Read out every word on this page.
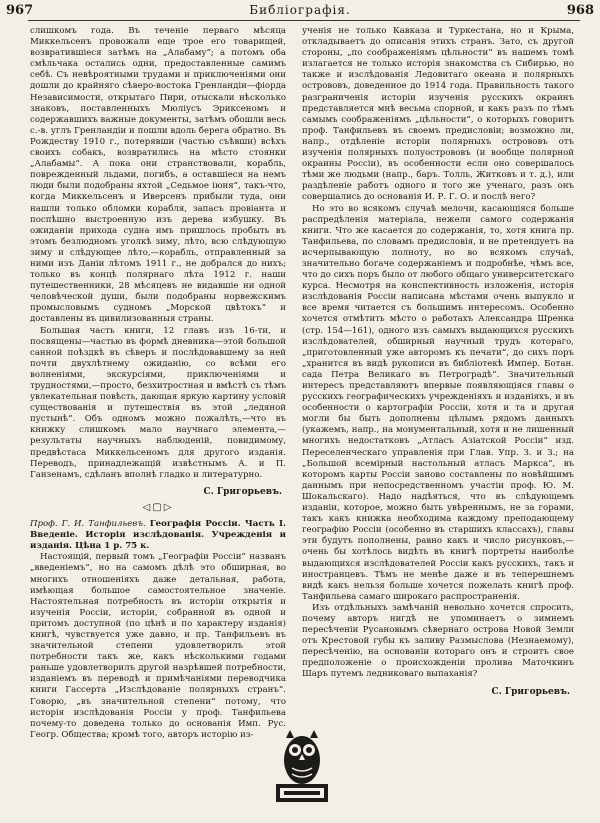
967	Библіографія.	968

слишкомъ года. Въ теченіе перваго мѣсяца Миккельсенъ провожали еще трое его товарищей, возвратившіеся затѣмъ на „Алабаму“; а потомъ оба смѣльчака остались одни, предоставленные самимъ себѣ. Съ невѣроятными трудами и приключеніями они дошли до крайняго сѣверо-востока Гренландіи—фіорда Независимости, открытаго Пири, отыскали нѣсколько знаковъ, поставленныхъ Мюлiусъ Эриксеномъ и содержавшихъ важные документы, затѣмъ обошли весь с.-в. углъ Гренландіи и пошли вдоль берега обратно. Въ Рождеству 1910 г., потерявши (частью съѣвши) всѣхъ своихъ собакъ, возвратились на мѣсто стоянки „Алабамы“. А пока они странствовали, корабль, поврежденный льдами, погибъ, а оставшіеся на немъ люди были подобраны яхтой „Седьмое іюня“, такъ-что, когда Миккельсенъ и Иверсенъ прибыли туда, они нашли только обломки корабля, запасъ провіанта и поспѣшно выстроенную изъ дерева избушку. Въ ожиданіи прихода судна имъ пришлось пробыть въ этомъ безлюдномъ уголкѣ зиму, лѣто, всю слѣдующую зиму и слѣдующее лѣто,—корабль, отправленный за ними изъ Даніи лѣтомъ 1911 г., не добрался до нихъ; только въ концѣ полярнаго лѣта 1912 г. наши путешественники, 28 мѣсяцевъ не видавшіе ни одной человѣческой души, были подобраны норвежскимъ промысловымъ судномъ „Морской цвѣтокъ“ и доставлены въ цивилизованныя страны.

Большая часть книги, 12 главъ изъ 16-ти, и посвящены—частью въ формѣ дневника—этой большой санной поѣздкѣ въ сѣверъ и послѣдовавшему за ней почти двухлѣтнему ожиданію, со всѣми его волненіями, экскурсіями, приключеніями и трудностями,—просто, безхитростная и вмѣстѣ съ тѣмъ увлекательная повѣсть, дающая яркую картину условій существованія и путешествія въ этой „ледяной пустынѣ“. Объ одномъ можно пожалѣть,—что въ книжку слишкомъ мало научнаго элемента,—результаты научныхъ наблюденій, повидимому, предвѣстаса Миккельсеномъ для другого изданія. Переводъ, принадлежащій извѣстнымъ А. и П. Ганзенамъ, сдѣланъ вполнѣ гладко и литературно.

С. Григорьевъ.
◁▢▷

Проф. Г. И. Танфильевъ. Географія Россіи. Часть I. Введеніе. Исторія изслѣдованія. Учрежденія и изданія. Цѣна 1 р. 75 к.

Настоящій, первый томъ „Географіи Россіи“ названъ „введеніемъ“, но на самомъ дѣлѣ это обширная, во многихъ отношеніяхъ даже детальная, работа, имѣющая большое самостоятельное значеніе. Настоятельная потребность въ исторіи открытія и изученія Россіи, исторіи, собранной въ одной и притомъ доступной (по цѣнѣ и по характеру изданія) книгѣ, чувствуется уже давно, и пр. Танфильевъ въ значительной степени удовлетворилъ этой потребности такъ же, какъ нѣсколькими годами раньше удовлетворилъ другой назрѣвшей потребности, изданіемъ въ переводѣ и примѣчаніями переводчика книги Гассерта „Изслѣдованіе полярныхъ странъ“. Говорю, „въ значительной степени“ потому, что исторія изслѣдованія Россіи у проф. Танфильева почему-то доведена только до основанія Имп. Рус. Геогр. Общества; кромѣ того, авторъ исторію из-

ученія не только Кавказа и Туркестана, но и Крыма, откладываетъ до описанія этихъ странъ. Зато, съ другой стороны, „по соображеніямъ цѣльности“ въ нашемъ томѣ излагается не только исторія знакомства съ Сибирью, но также и изслѣдованія Ледовитаго океана и полярныхъ острововъ, доведенное до 1914 года. Правильность такого разграниченія исторіи изученія русскихъ окраинъ представляется мнѣ весьма спорной, и какъ разъ по тѣмъ самымъ соображеніямъ „цѣльности“, о которыхъ говоритъ проф. Танфильевъ въ своемъ предисловіи; возможно ли, напр., отдѣленіе исторіи полярныхъ острововъ отъ изученія полярныхъ полуострововъ (и вообще полярной окраины Россіи), въ особенности если оно совершалось тѣми же людьми (напр., баръ. Толль, Житковъ и т. д.), или раздѣленіе работъ одного и того же ученаго, разъ онъ совершались до основанія И. Р. Г. О. и послѣ него?

Но это во всякомъ случаѣ мелочи, касающіяся больше распредѣленія матеріала, нежели самого содержанія книги. Что же касается до содержанія, то, хотя книга пр. Танфильева, по словамъ предисловія, и не претендуетъ на исчерпывающую полноту, но во всякомъ случаѣ, значительно богаче содержаніемъ и подробнѣе, чѣмъ все, что до сихъ поръ было от любого общаго университетскаго курса. Несмотря на конспективность изложенія, исторія изслѣдованія Россіи написана мѣстами очень выпукло и все время читается съ большимъ интересомъ. Особенно хочется отмѣтить мѣсто о работахъ Александра Шренка (стр. 154—161), одного изъ самыхъ выдающихся русскихъ изслѣдователей, обширный научный трудъ котораго, „приготовленный уже авторомъ къ печати“, до сихъ поръ „хранится въ видѣ рукописи въ библіотекѣ Импер. Ботан. сада Петра Великаго въ Петроградѣ“. Значительный интересъ представляютъ впервые появляющіяся главы о русскихъ географическихъ учрежденіяхъ и изданіяхъ, и въ особенности о картографіи Россіи, хотя и та и другая могли бы быть дополнены цѣлымъ рядомъ данныхъ (укажемъ, напр., на монументальный, хотя и не лишенный многихъ недостатковъ „Атласъ Азіатской Россіи“ изд. Переселенческаго управленія при Глав. Упр. З. и З.; на „Большой всемірный настольный атласъ Маркса“, въ которомъ карты Россіи заново составлены по новѣйшимъ даннымъ при непосредственномъ участіи проф. Ю. М. Шокальскаго). Надо надѣяться, что въ слѣдующемъ изданіи, которое, можно быть увѣреннымъ, не за горами, такъ какъ книжка необходима каждому преподающему географію Россіи (особенно въ старшихъ классахъ), главы эти будутъ пополнены, равно какъ и число рисунковъ,—очень бы хотѣлось видѣть въ книгѣ портреты наиболѣе выдающихся изслѣдователей Россіи какъ русскихъ, такъ и иностранцевъ. Тѣмъ не менѣе даже и въ теперешнемъ видѣ какъ нельзя больше хочется пожелать книгѣ проф. Танфильева самаго широкаго распространенія.

Изъ отдѣльныхъ замѣчаній невольно хочется спросить, почему авторъ нигдѣ не упоминаетъ о зимнемъ пересѣченіи Русановымъ сѣвернаго острова Новой Земли отъ Крестовой губы къ заливу Размыслова (Незнаемому), пересѣченію, на основаніи котораго онъ и строитъ свое предположеніе о происхожденіи пролива Маточкинъ Шаръ путемъ ледниковаго выпаханія?

С. Григорьевъ.
